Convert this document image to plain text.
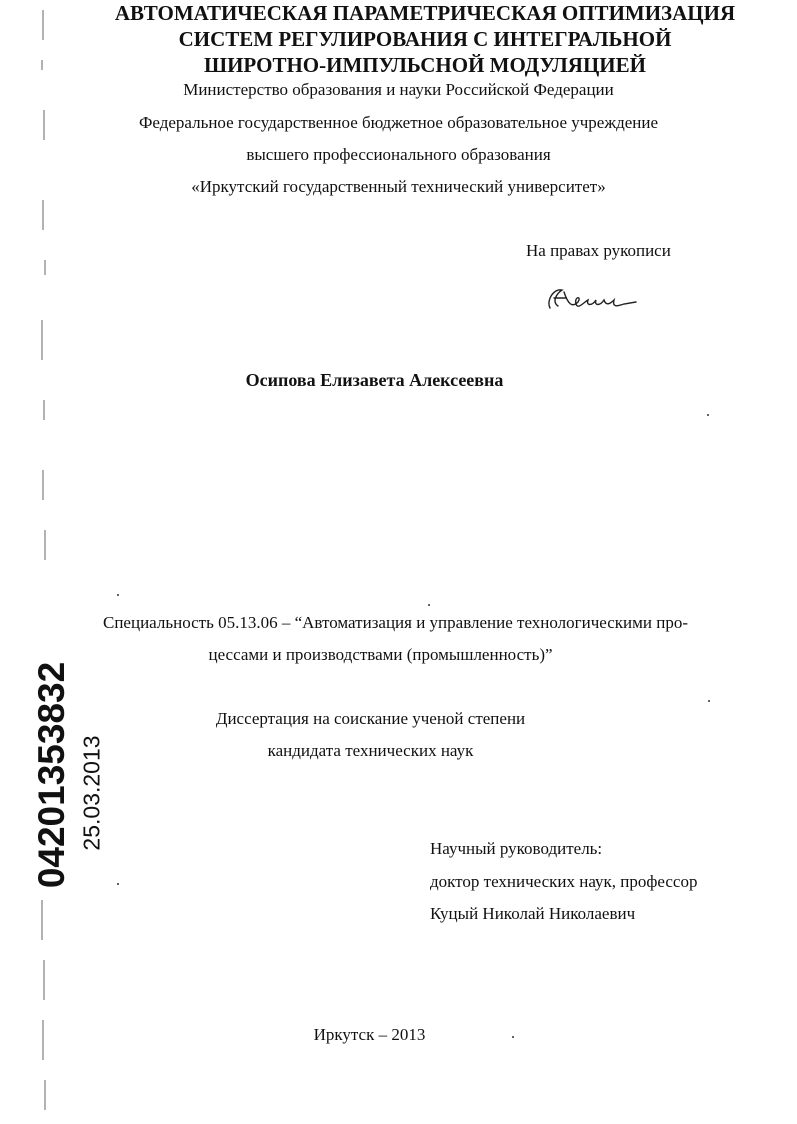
Министерство образования и науки Российской Федерации
Федеральное государственное бюджетное образовательное учреждение
высшего профессионального образования
«Иркутский государственный технический университет»
На правах рукописи
Осипова Елизавета Алексеевна
АВТОМАТИЧЕСКАЯ ПАРАМЕТРИЧЕСКАЯ ОПТИМИЗАЦИЯ
СИСТЕМ РЕГУЛИРОВАНИЯ С ИНТЕГРАЛЬНОЙ
ШИРОТНО-ИМПУЛЬСНОЙ МОДУЛЯЦИЕЙ
Специальность 05.13.06 – “Автоматизация и управление технологическими про-
цессами и производствами (промышленность)”
Диссертация на соискание ученой степени
кандидата технических наук
Научный руководитель:
доктор технических наук, профессор
Куцый Николай Николаевич
Иркутск – 2013
04201353832 25.03.2013
